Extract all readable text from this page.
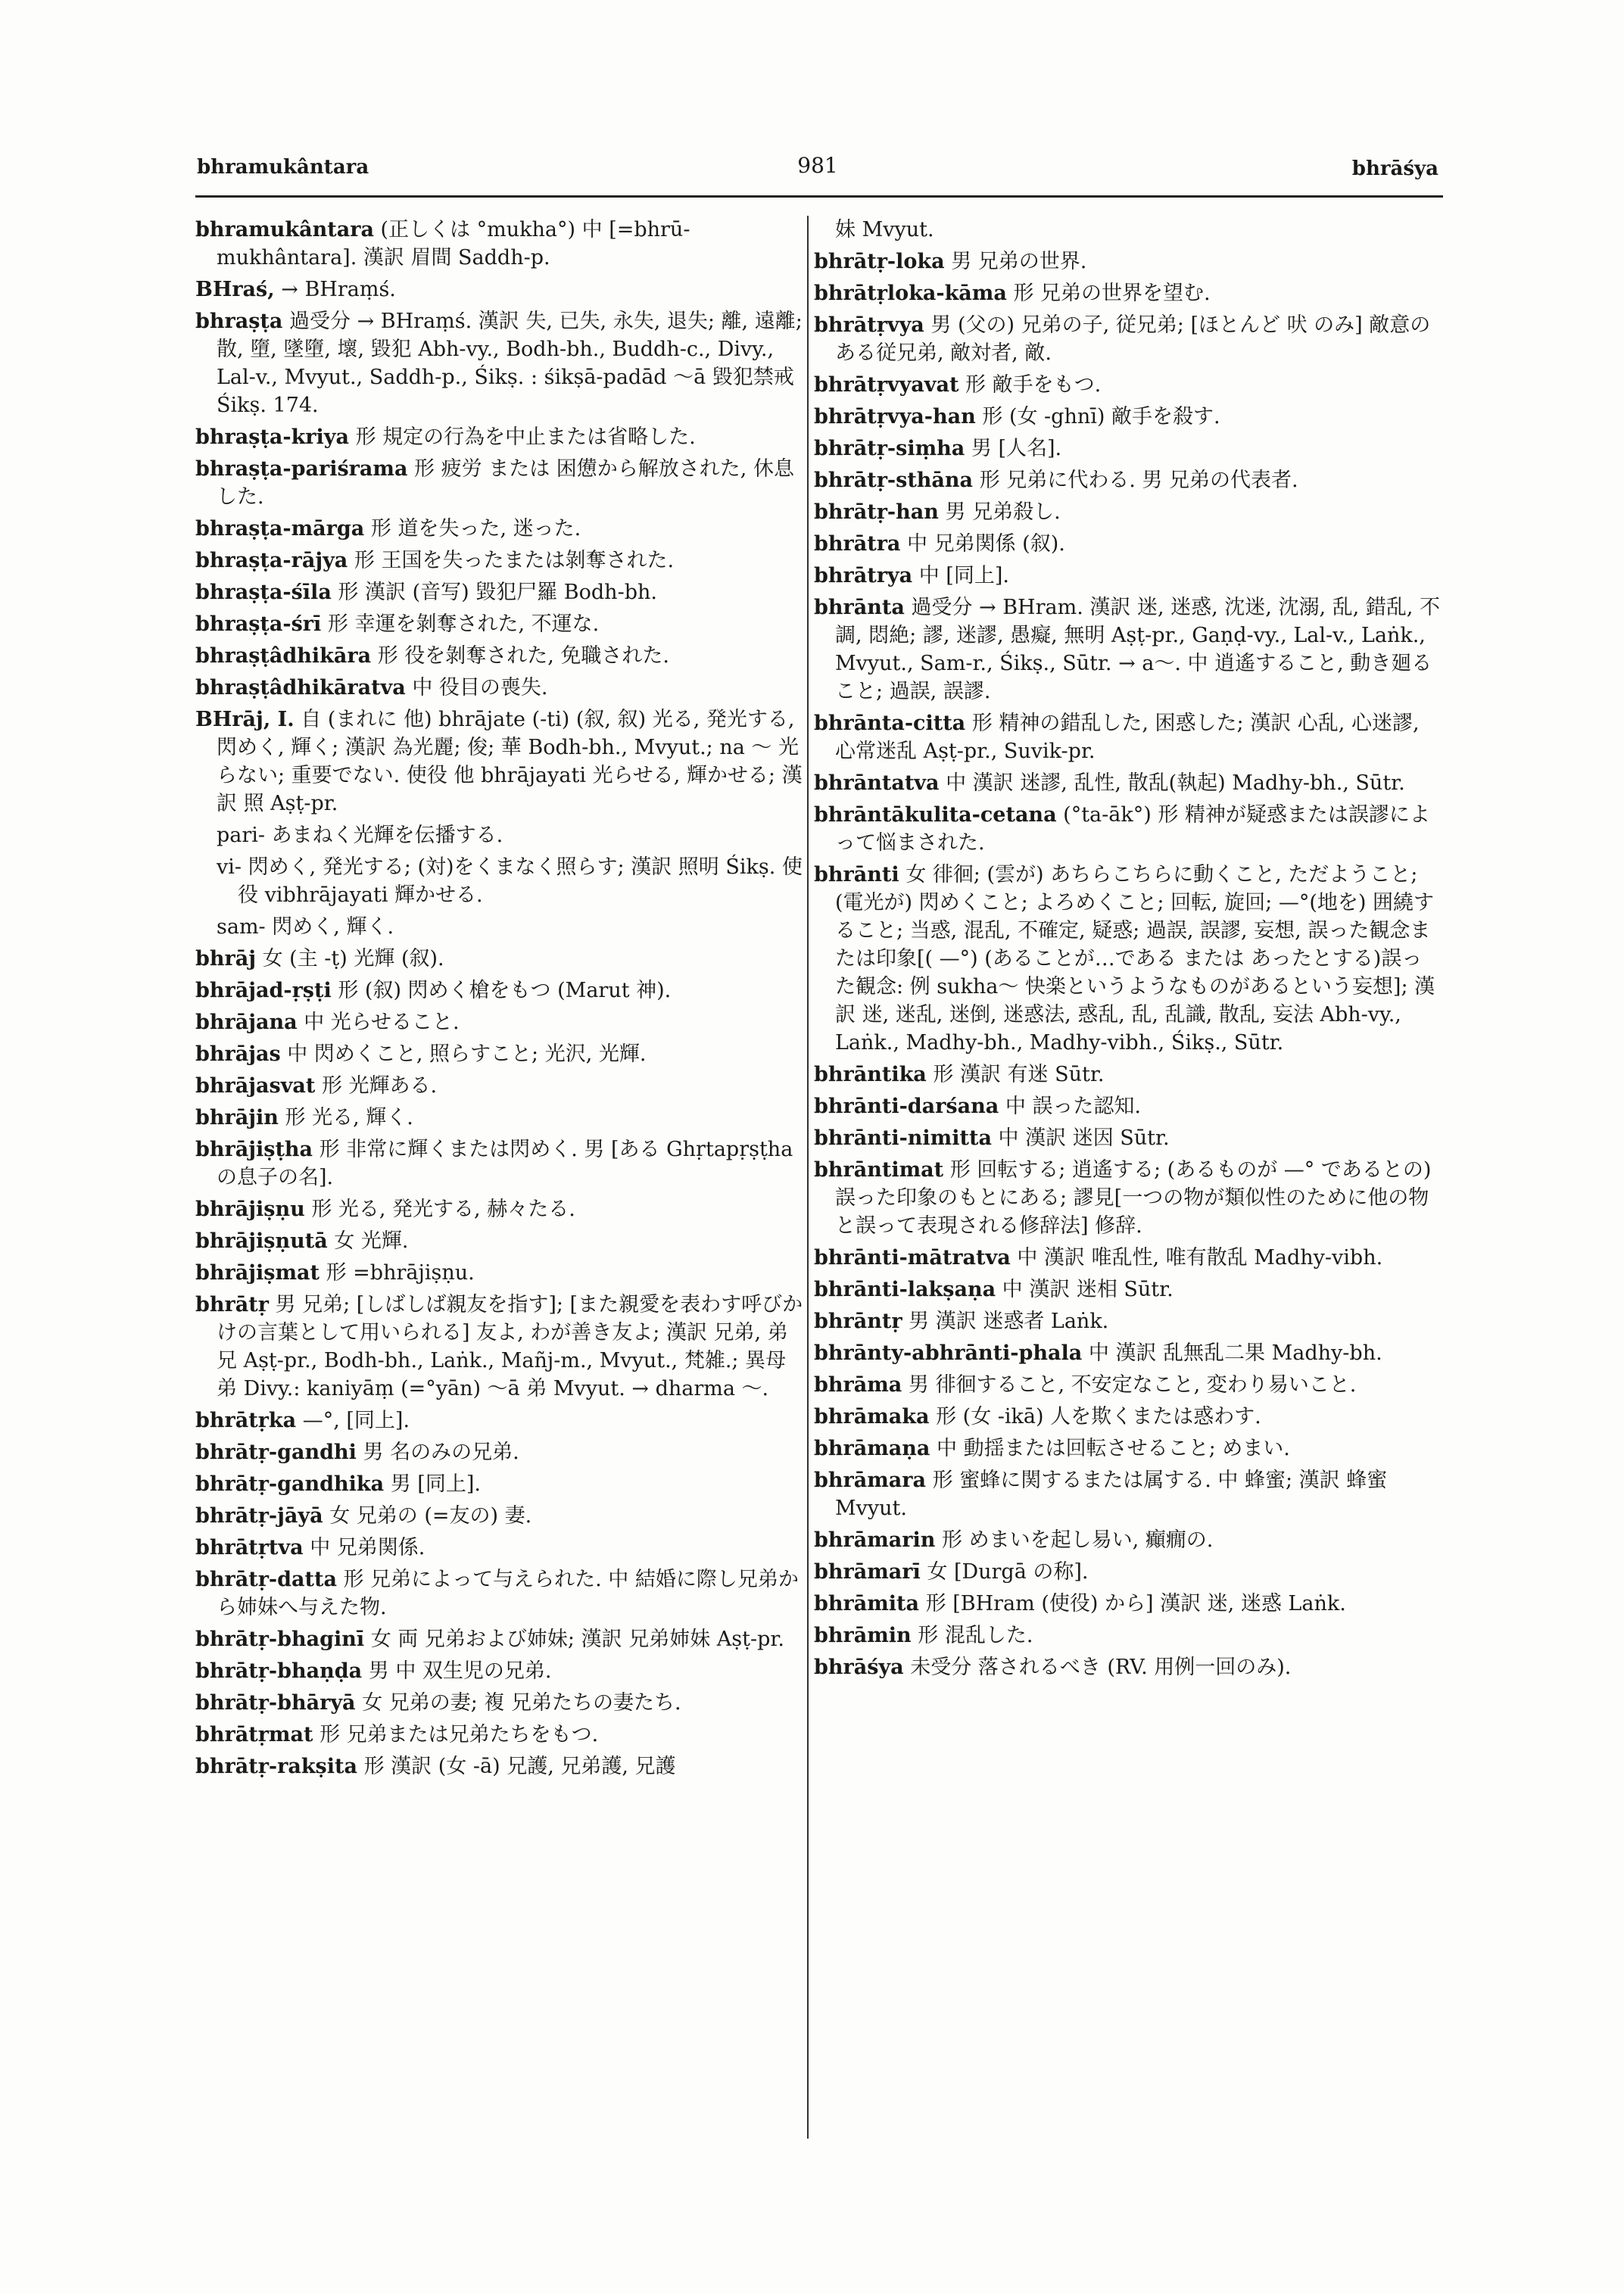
bhramukântara	981	bhrāśya
bhramukântara (正しくは °mukha°) 中 [=bhrū-mukhântara]. 漢訳 眉間 Saddh-p.
BHraś, → BHraṃś.
bhraṣṭa 過受分 → BHraṃś. 漢訳 失, 已失, 永失, 退失; 離, 遠離; 散, 墮, 墜墮, 壞, 毀犯 Abh-vy., Bodh-bh., Buddh-c., Divy., Lal-v., Mvyut., Saddh-p., Śikṣ. : śikṣā-padād ～ā 毀犯禁戒 Śikṣ. 174.
bhraṣṭa-kriya 形 規定の行為を中止または省略した.
bhraṣṭa-pariśrama 形 疲労 または 困憊から解放された, 休息した.
bhraṣṭa-mārga 形 道を失った, 迷った.
bhraṣṭa-rājya 形 王国を失ったまたは剝奪された.
bhraṣṭa-śīla 形 漢訳 (音写) 毀犯尸羅 Bodh-bh.
bhraṣṭa-śrī 形 幸運を剝奪された, 不運な.
bhraṣṭâdhikāra 形 役を剝奪された, 免職された.
bhraṣṭâdhikāratva 中 役目の喪失.
BHrāj, I. 自 (まれに 他) bhrājate (-ti) (叙, 叙) 光る, 発光する, 閃めく, 輝く; 漢訳 為光麗; 俊; 華 Bodh-bh., Mvyut.; na ～ 光らない; 重要でない. 使役 他 bhrājayati 光らせる, 輝かせる; 漢訳 照 Aṣṭ-pr.
pari- あまねく光輝を伝播する.
vi- 閃めく, 発光する; (対)をくまなく照らす; 漢訳 照明 Śikṣ. 使役 vibhrājayati 輝かせる.
sam- 閃めく, 輝く.
bhrāj 女 (主 -ṭ) 光輝 (叙).
bhrājad-ṛṣṭi 形 (叙) 閃めく槍をもつ (Marut 神).
bhrājana 中 光らせること.
bhrājas 中 閃めくこと, 照らすこと; 光沢, 光輝.
bhrājasvat 形 光輝ある.
bhrājin 形 光る, 輝く.
bhrājiṣṭha 形 非常に輝くまたは閃めく. 男 [ある Ghṛtapṛṣṭha の息子の名].
bhrājiṣṇu 形 光る, 発光する, 赫々たる.
bhrājiṣṇutā 女 光輝.
bhrājiṣmat 形 =bhrājiṣṇu.
bhrātṛ 男 兄弟; [しばしば親友を指す]; [また親愛を表わす呼びかけの言葉として用いられる] 友よ, わが善き友よ; 漢訳 兄弟, 弟兄 Aṣṭ-pr., Bodh-bh., Laṅk., Mañj-m., Mvyut., 梵雑.; 異母弟 Divy.: kaniyāṃ (=°yān) ～ā 弟 Mvyut. → dharma ～.
bhrātṛka —°, [同上].
bhrātṛ-gandhi 男 名のみの兄弟.
bhrātṛ-gandhika 男 [同上].
bhrātṛ-jāyā 女 兄弟の (=友の) 妻.
bhrātṛtva 中 兄弟関係.
bhrātṛ-datta 形 兄弟によって与えられた. 中 結婚に際し兄弟から姉妹へ与えた物.
bhrātṛ-bhaginī 女 両 兄弟および姉妹; 漢訳 兄弟姉妹 Aṣṭ-pr.
bhrātṛ-bhaṇḍa 男 中 双生児の兄弟.
bhrātṛ-bhāryā 女 兄弟の妻; 複 兄弟たちの妻たち.
bhrātṛmat 形 兄弟または兄弟たちをもつ.
bhrātṛ-rakṣita 形 漢訳 (女 -ā) 兄護, 兄弟護, 兄護
妹 Mvyut.
bhrātṛ-loka 男 兄弟の世界.
bhrātṛloka-kāma 形 兄弟の世界を望む.
bhrātṛvya 男 (父の) 兄弟の子, 従兄弟; [ほとんど 吠 のみ] 敵意のある従兄弟, 敵対者, 敵.
bhrātṛvyavat 形 敵手をもつ.
bhrātṛvya-han 形 (女 -ghnī) 敵手を殺す.
bhrātṛ-siṃha 男 [人名].
bhrātṛ-sthāna 形 兄弟に代わる. 男 兄弟の代表者.
bhrātṛ-han 男 兄弟殺し.
bhrātra 中 兄弟関係 (叙).
bhrātrya 中 [同上].
bhrānta 過受分 → BHram. 漢訳 迷, 迷惑, 沈迷, 沈溺, 乱, 錯乱, 不調, 悶絶; 謬, 迷謬, 愚癡, 無明 Aṣṭ-pr., Gaṇḍ-vy., Lal-v., Laṅk., Mvyut., Sam-r., Śikṣ., Sūtr. → a～. 中 逍遙すること, 動き廻ること; 過誤, 誤謬.
bhrānta-citta 形 精神の錯乱した, 困惑した; 漢訳 心乱, 心迷謬, 心常迷乱 Aṣṭ-pr., Suvik-pr.
bhrāntatva 中 漢訳 迷謬, 乱性, 散乱(執起) Madhy-bh., Sūtr.
bhrāntākulita-cetana (°ta-āk°) 形 精神が疑惑または誤謬によって悩まされた.
bhrānti 女 徘徊; (雲が) あちらこちらに動くこと, ただようこと; (電光が) 閃めくこと; よろめくこと; 回転, 旋回; —°(地を) 囲繞すること; 当惑, 混乱, 不確定, 疑惑; 過誤, 誤謬, 妄想, 誤った観念または印象[( —°) (あることが…である または あったとする)誤った観念: 例 sukha～ 快楽というようなものがあるという妄想]; 漢訳 迷, 迷乱, 迷倒, 迷惑法, 惑乱, 乱, 乱識, 散乱, 妄法 Abh-vy., Laṅk., Madhy-bh., Madhy-vibh., Śikṣ., Sūtr.
bhrāntika 形 漢訳 有迷 Sūtr.
bhrānti-darśana 中 誤った認知.
bhrānti-nimitta 中 漢訳 迷因 Sūtr.
bhrāntimat 形 回転する; 逍遙する; (あるものが —° であるとの)誤った印象のもとにある; 謬見[一つの物が類似性のために他の物と誤って表現される修辞法] 修辞.
bhrānti-mātratva 中 漢訳 唯乱性, 唯有散乱 Madhy-vibh.
bhrānti-lakṣaṇa 中 漢訳 迷相 Sūtr.
bhrāntṛ 男 漢訳 迷惑者 Laṅk.
bhrānty-abhrānti-phala 中 漢訳 乱無乱二果 Madhy-bh.
bhrāma 男 徘徊すること, 不安定なこと, 変わり易いこと.
bhrāmaka 形 (女 -ikā) 人を欺くまたは惑わす.
bhrāmaṇa 中 動揺または回転させること; めまい.
bhrāmara 形 蜜蜂に関するまたは属する. 中 蜂蜜; 漢訳 蜂蜜 Mvyut.
bhrāmarin 形 めまいを起し易い, 癲癇の.
bhrāmarī 女 [Durgā の称].
bhrāmita 形 [BHram (使役) から] 漢訳 迷, 迷惑 Laṅk.
bhrāmin 形 混乱した.
bhrāśya 未受分 落されるべき (RV. 用例一回のみ).
